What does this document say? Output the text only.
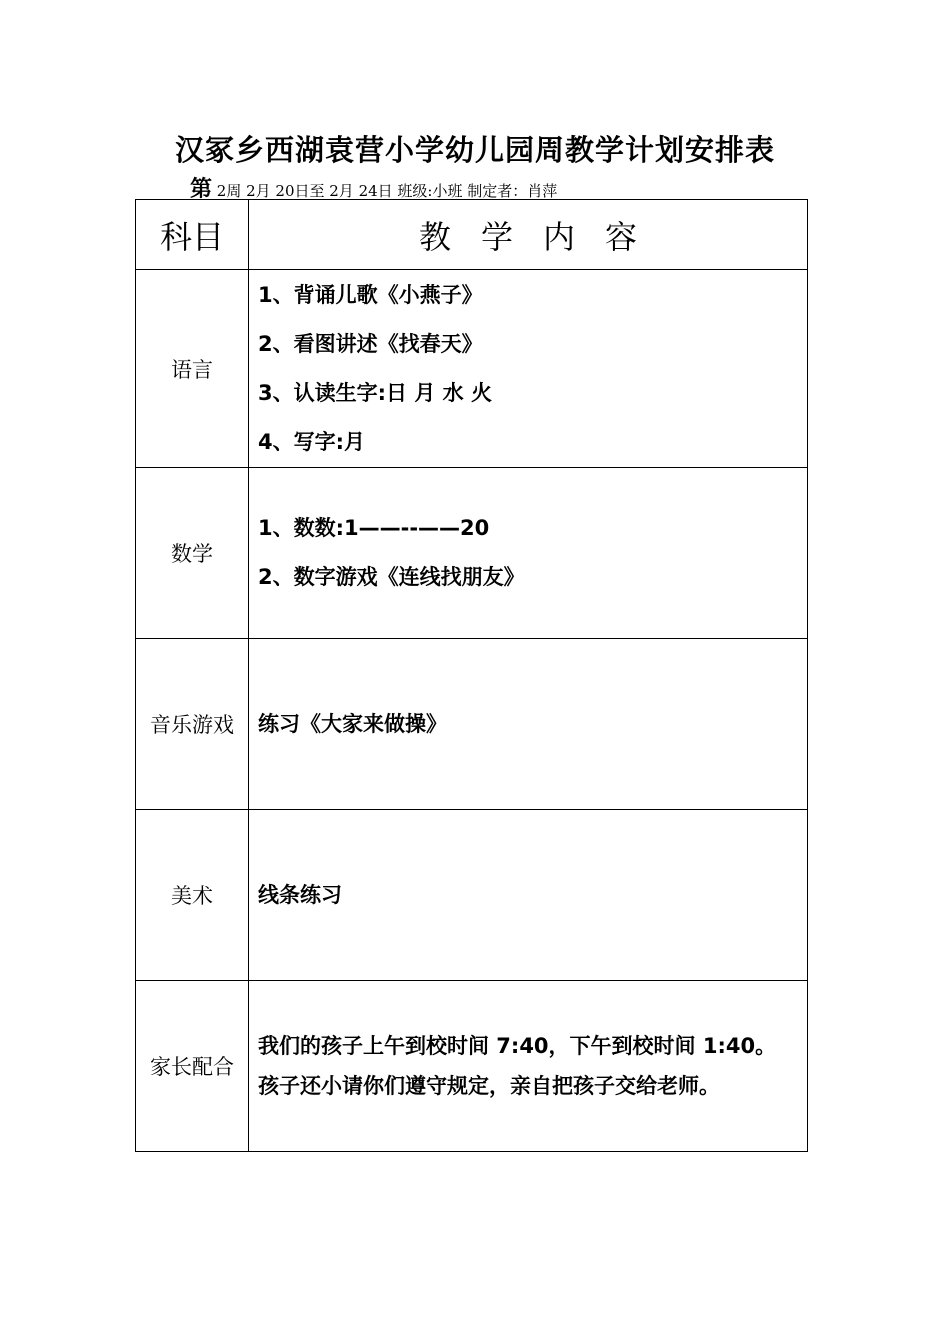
汉冢乡西湖袁营小学幼儿园周教学计划安排表
第 2周 2月 20日至 2月 24日 班级:小班 制定者：肖萍
科目	教学内容
语言	1、背诵儿歌《小燕子》
2、看图讲述《找春天》
3、认读生字:日 月 水 火
4、写字:月

数学	1、数数:1——--——20
2、数字游戏《连线找朋友》

音乐游戏	练习《大家来做操》

美术	线条练习

家长配合	我们的孩子上午到校时间 7:40，下午到校时间 1:40。孩子还小请你们遵守规定，亲自把孩子交给老师。
